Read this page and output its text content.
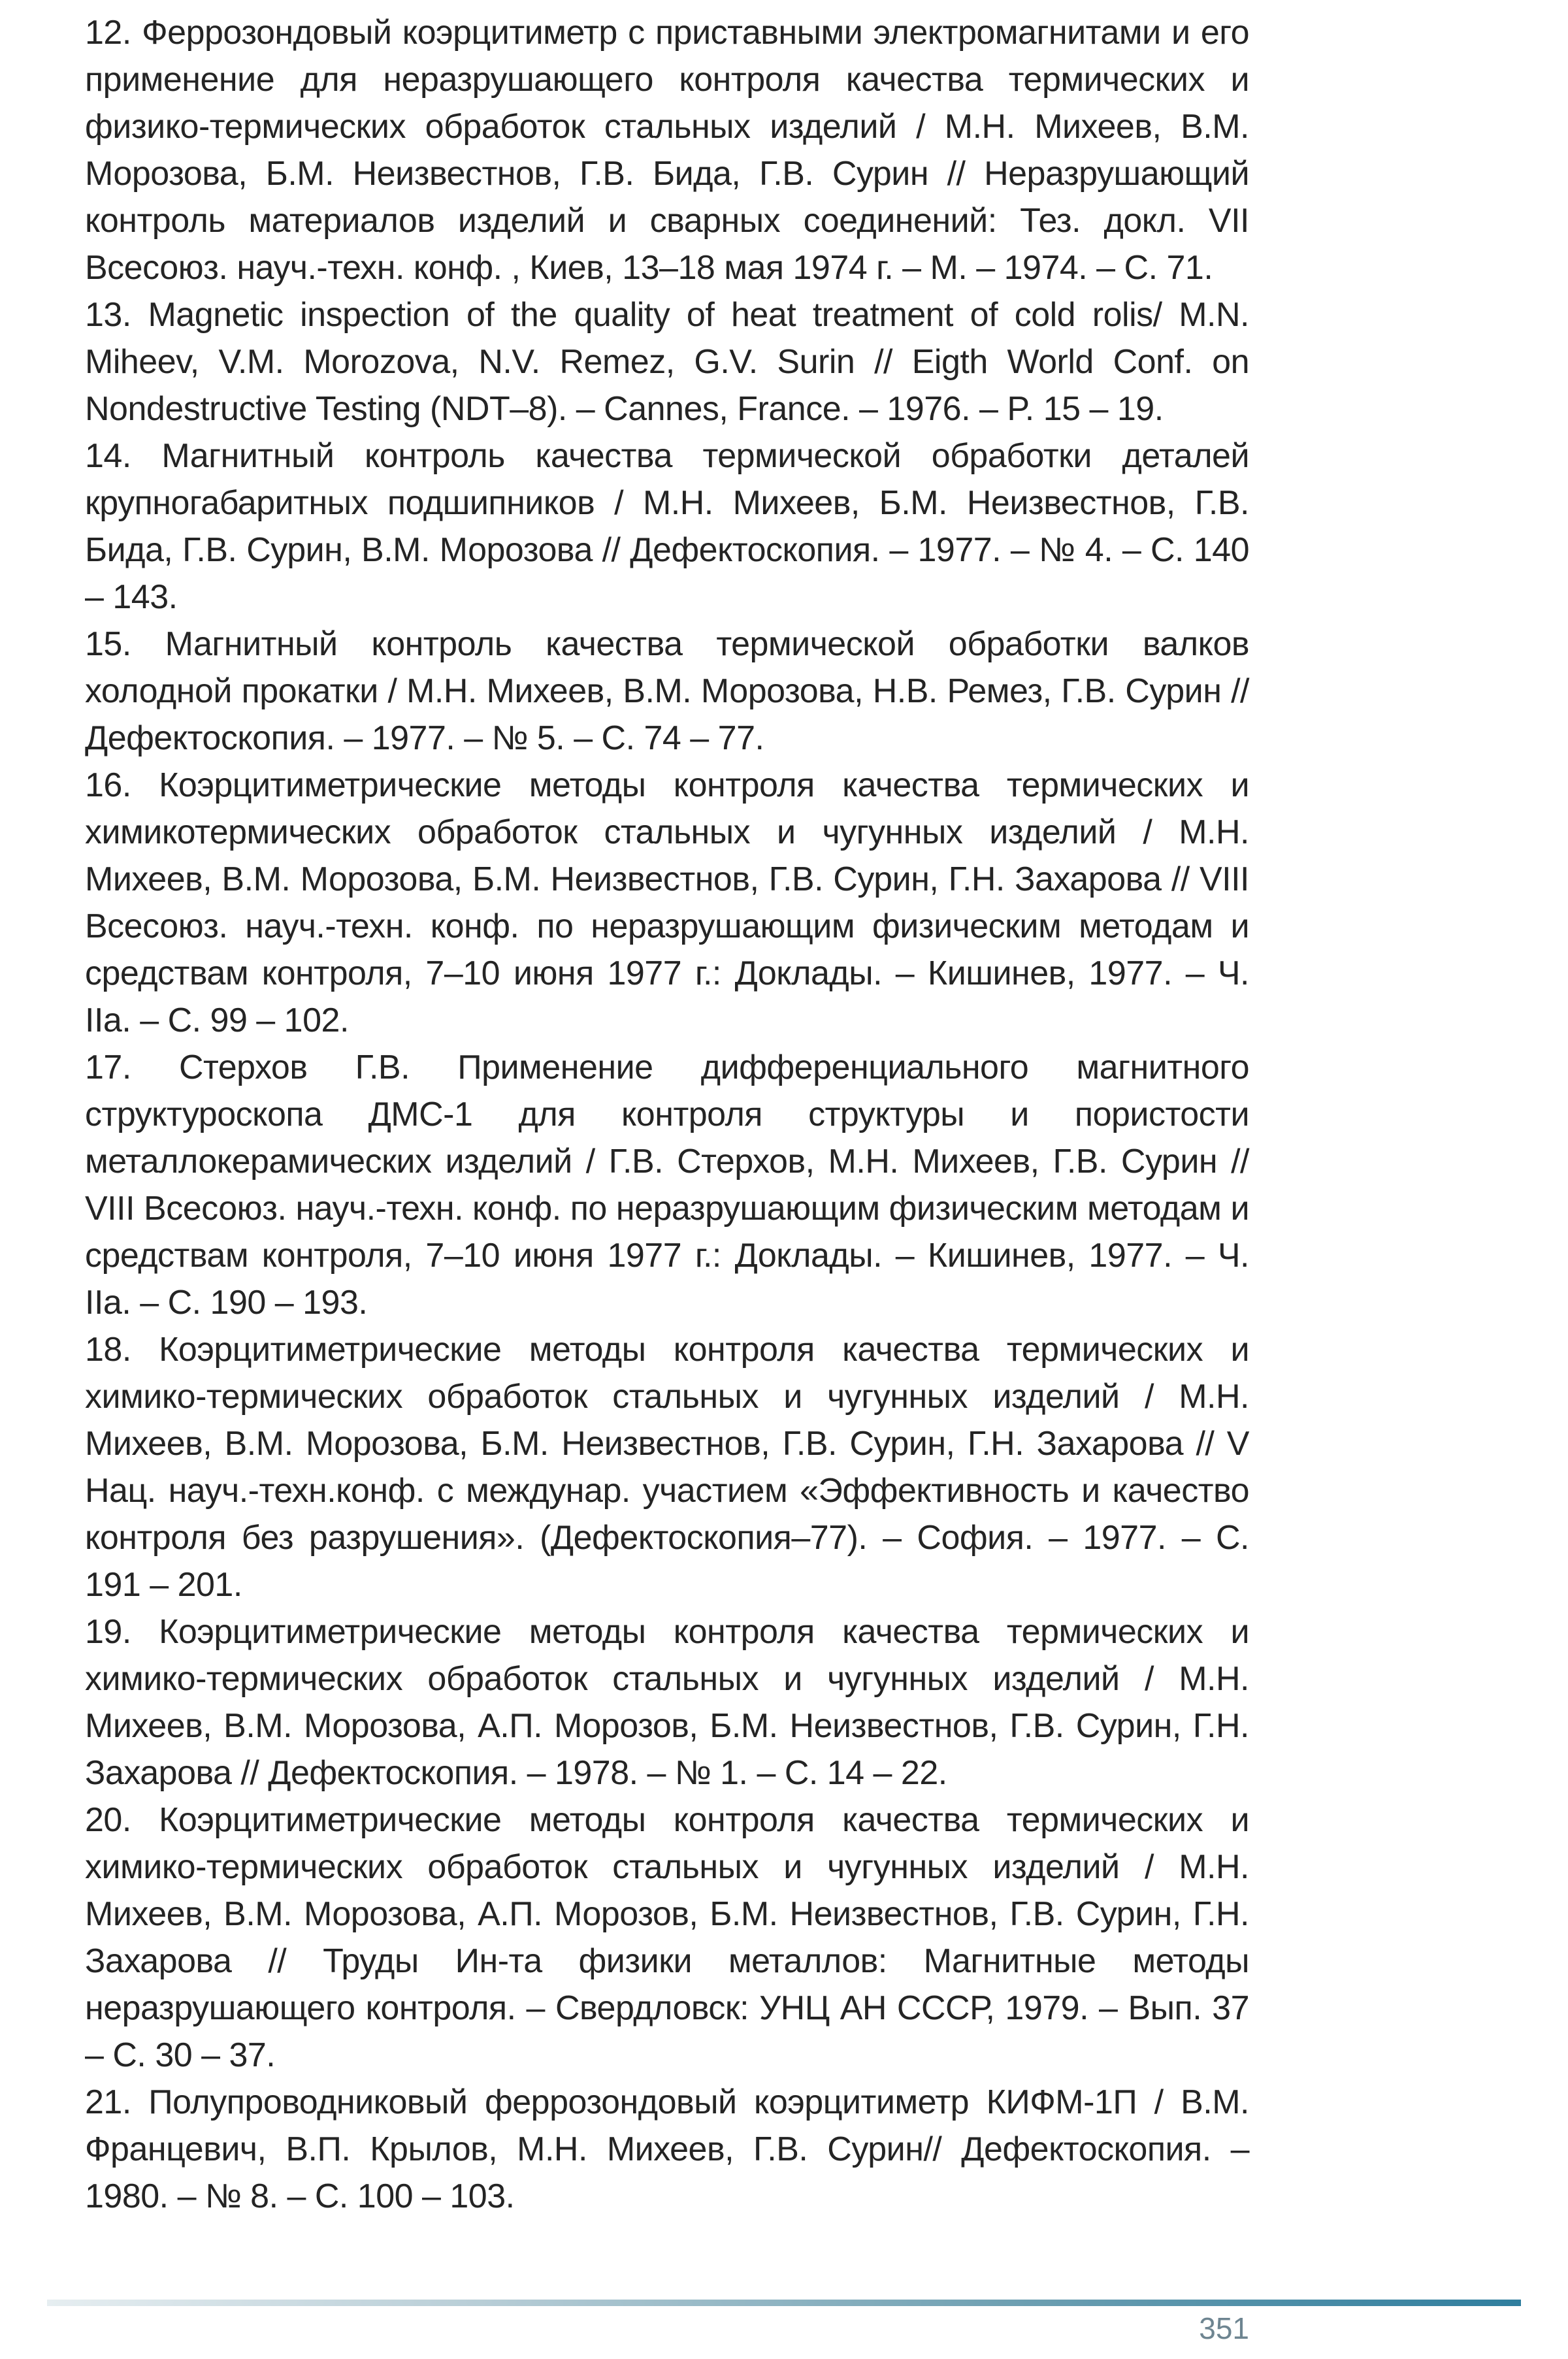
12. Феррозондовый коэрцитиметр с приставными электромагнитами и его применение для неразрушающего контроля качества термических и физико-термических обработок стальных изделий / М.Н. Михеев, В.М. Морозова, Б.М. Неизвестнов, Г.В. Бида, Г.В. Сурин // Неразрушающий контроль материалов изделий и сварных соединений: Тез. докл. VII Всесоюз. науч.-техн. конф. , Киев, 13–18 мая 1974 г. – М. – 1974. – С. 71.

13. Magnetic inspection of the quality of heat treatment of cold rolis/ M.N. Miheev, V.M. Morozova, N.V. Remez, G.V. Surin // Eigth World Conf. on Nondestructive Testing (NDT–8). – Cannes, France. – 1976. – P. 15 – 19.

14. Магнитный контроль качества термической обработки деталей крупногабаритных подшипников / М.Н. Михеев, Б.М. Неизвестнов, Г.В. Бида, Г.В. Сурин, В.М. Морозова // Дефектоскопия. – 1977. – № 4. – С. 140 – 143.

15. Магнитный контроль качества термической обработки валков холодной прокатки / М.Н. Михеев, В.М. Морозова, Н.В. Ремез, Г.В. Сурин // Дефектоскопия. – 1977. – № 5. – С. 74 – 77.

16. Коэрцитиметрические методы контроля качества термических и химикотермических обработок стальных и чугунных изделий / М.Н. Михеев, В.М. Морозова, Б.М. Неизвестнов, Г.В. Сурин, Г.Н. Захарова // VIII Всесоюз. науч.-техн. конф. по неразрушающим физическим методам и средствам контроля, 7–10 июня 1977 г.: Доклады. – Кишинев, 1977. – Ч. IIа. – С. 99 – 102.

17. Стерхов Г.В. Применение дифференциального магнитного структуроскопа ДМС-1 для контроля структуры и пористости металлокерамических изделий / Г.В. Стерхов, М.Н. Михеев, Г.В. Сурин // VIII Всесоюз. науч.-техн. конф. по неразрушающим физическим методам и средствам контроля, 7–10 июня 1977 г.: Доклады. – Кишинев, 1977. – Ч. IIа. – С. 190 – 193.

18. Коэрцитиметрические методы контроля качества термических и химико-термических обработок стальных и чугунных изделий / М.Н. Михеев, В.М. Морозова, Б.М. Неизвестнов, Г.В. Сурин, Г.Н. Захарова // V Нац. науч.-техн.конф. с междунар. участием «Эффективность и качество контроля без разрушения». (Дефектоскопия–77). – София. – 1977. – С. 191 – 201.

19. Коэрцитиметрические методы контроля качества термических и химико-термических обработок стальных и чугунных изделий / М.Н. Михеев, В.М. Морозова, А.П. Морозов, Б.М. Неизвестнов, Г.В. Сурин, Г.Н. Захарова // Дефектоскопия. – 1978. – № 1. – С. 14 – 22.

20. Коэрцитиметрические методы контроля качества термических и химико-термических обработок стальных и чугунных изделий / М.Н. Михеев, В.М. Морозова, А.П. Морозов, Б.М. Неизвестнов, Г.В. Сурин, Г.Н. Захарова // Труды Ин-та физики металлов: Магнитные методы неразрушающего контроля. – Свердловск: УНЦ АН СССР, 1979. – Вып. 37 – С. 30 – 37.

21. Полупроводниковый феррозондовый коэрцитиметр КИФМ-1П / В.М. Францевич, В.П. Крылов, М.Н. Михеев, Г.В. Сурин// Дефектоскопия. – 1980. – № 8. – С. 100 – 103.

351
